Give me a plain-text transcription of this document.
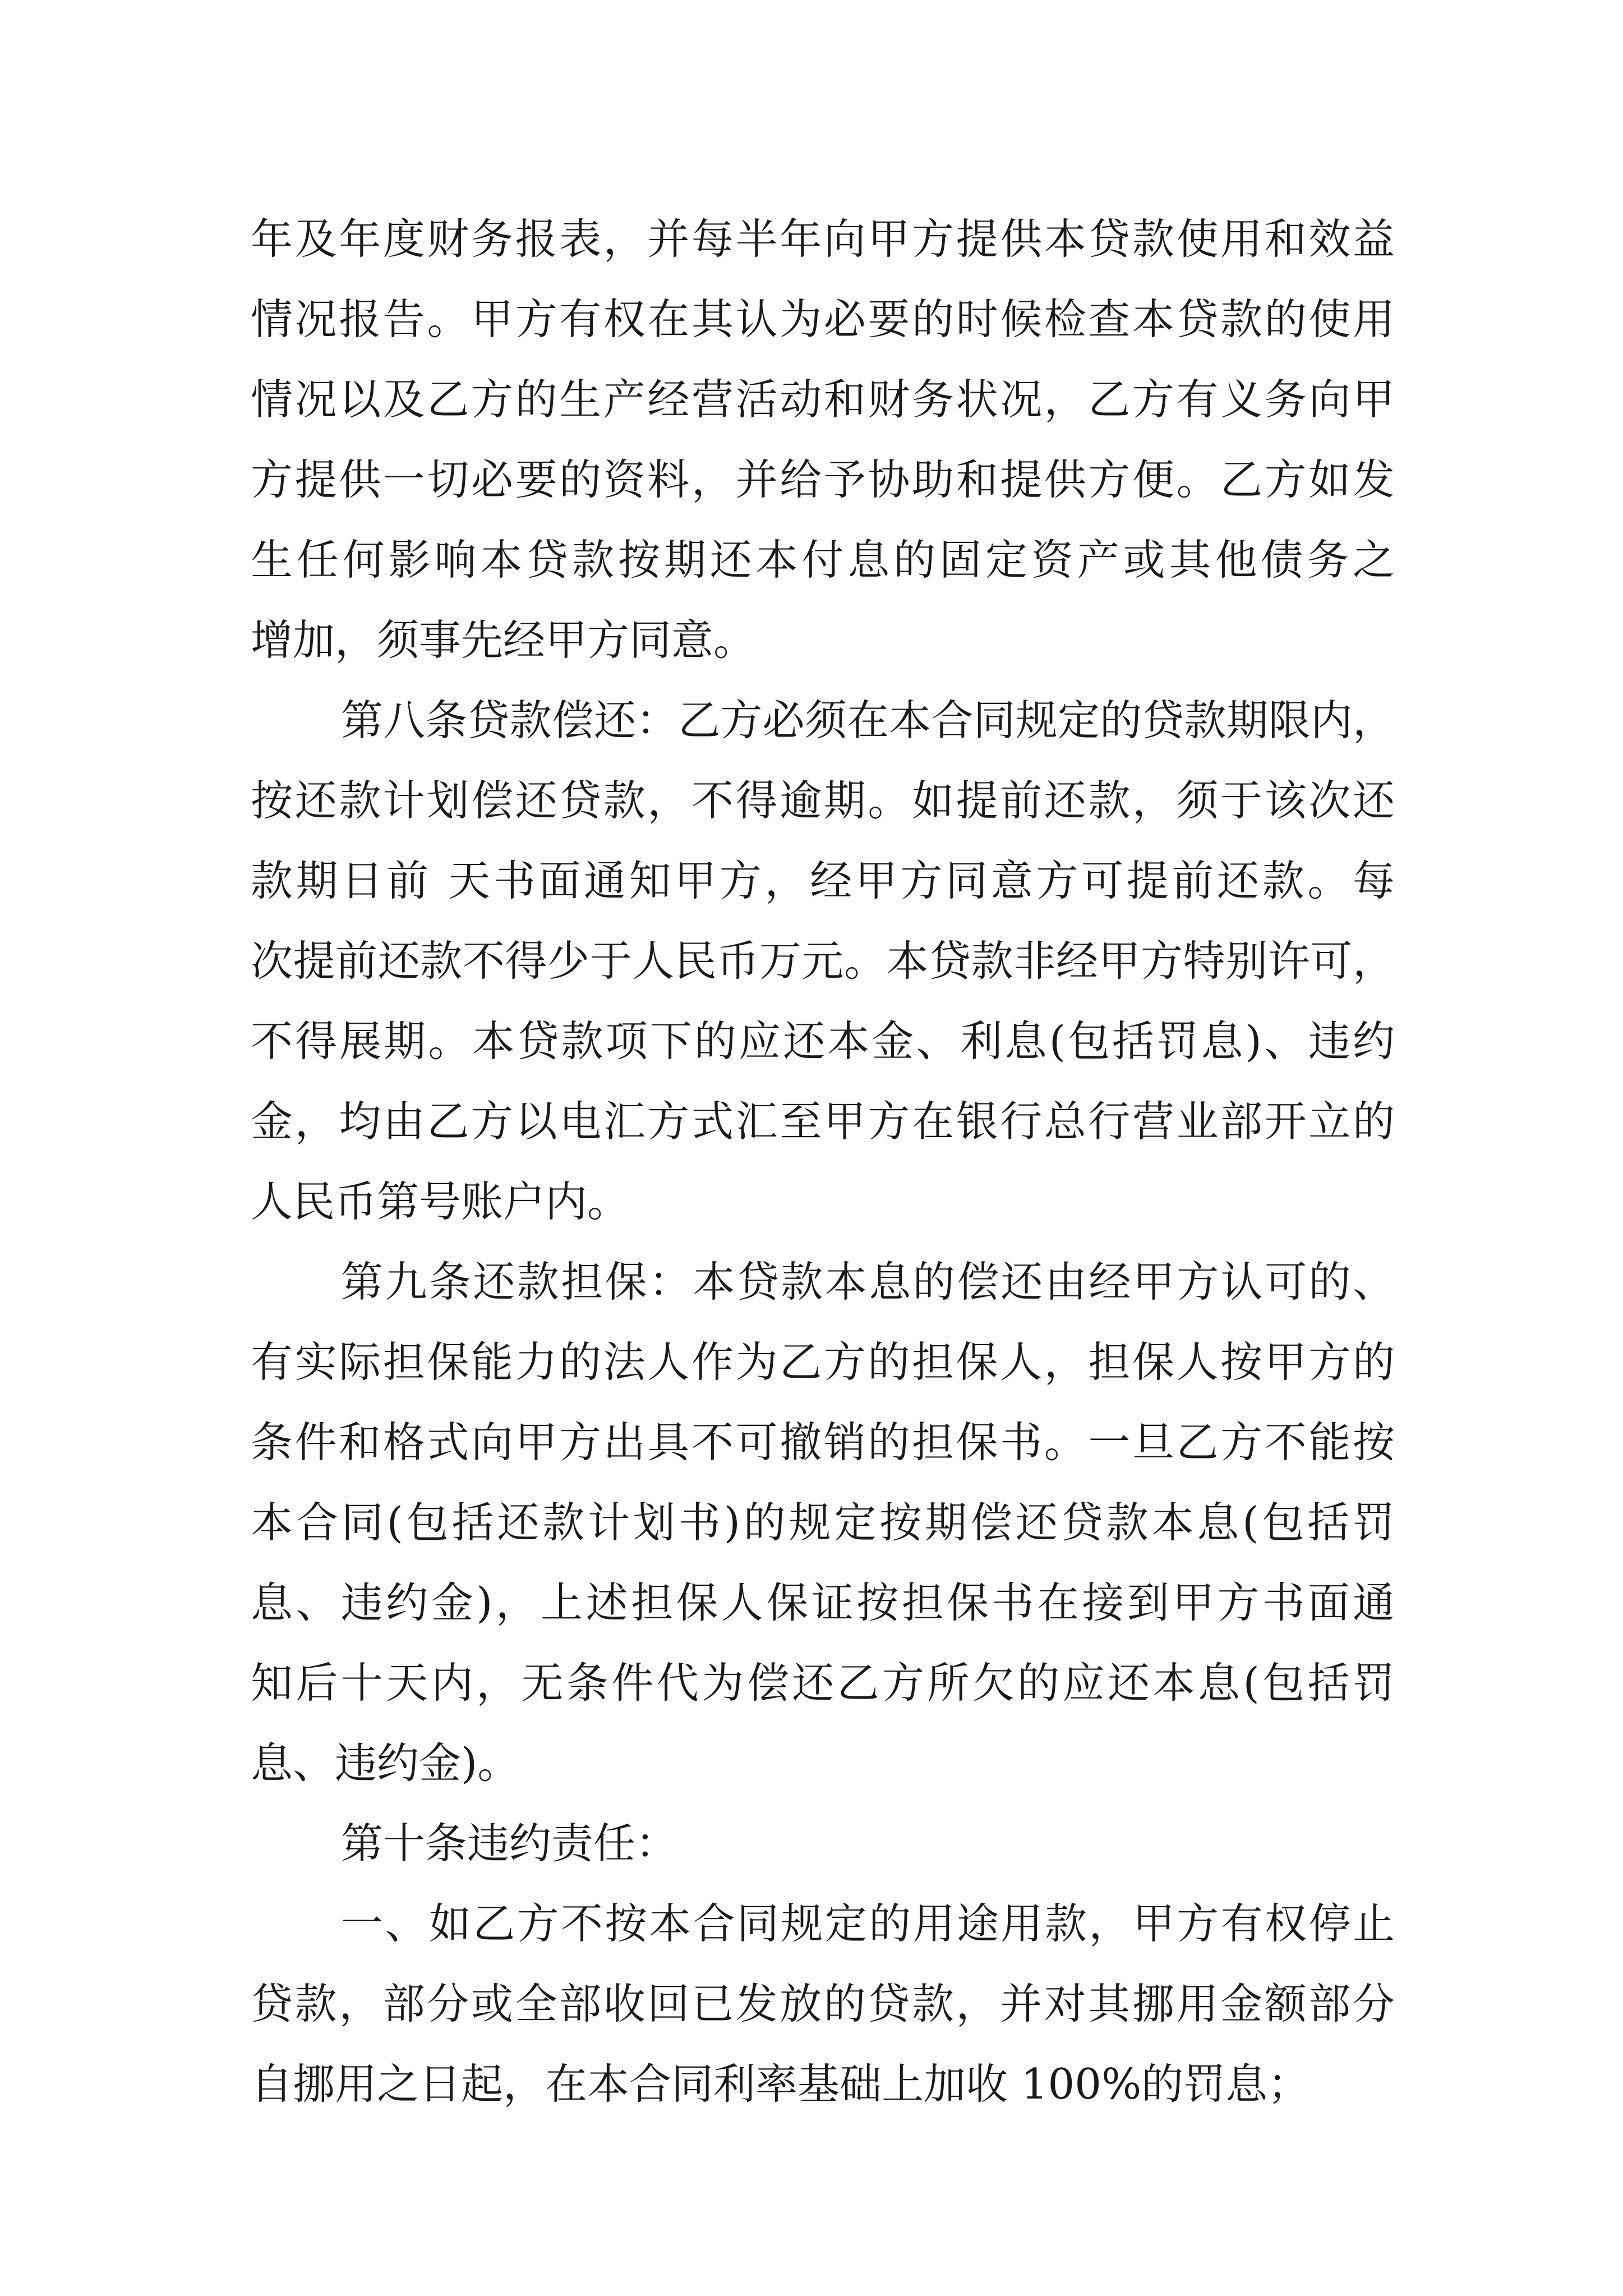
年及年度财务报表，并每半年向甲方提供本贷款使用和效益

情况报告。甲方有权在其认为必要的时候检查本贷款的使用

情况以及乙方的生产经营活动和财务状况，乙方有义务向甲

方提供一切必要的资料，并给予协助和提供方便。乙方如发

生任何影响本贷款按期还本付息的固定资产或其他债务之

增加，须事先经甲方同意。

第八条贷款偿还：乙方必须在本合同规定的贷款期限内，

按还款计划偿还贷款，不得逾期。如提前还款，须于该次还

款期日前 天书面通知甲方，经甲方同意方可提前还款。每

次提前还款不得少于人民币万元。本贷款非经甲方特别许可，

不得展期。本贷款项下的应还本金、利息(包括罚息)、违约

金，均由乙方以电汇方式汇至甲方在银行总行营业部开立的

人民币第号账户内。

第九条还款担保：本贷款本息的偿还由经甲方认可的、

有实际担保能力的法人作为乙方的担保人，担保人按甲方的

条件和格式向甲方出具不可撤销的担保书。一旦乙方不能按

本合同(包括还款计划书)的规定按期偿还贷款本息(包括罚

息、违约金)，上述担保人保证按担保书在接到甲方书面通

知后十天内，无条件代为偿还乙方所欠的应还本息(包括罚

息、违约金)。

第十条违约责任：

一、如乙方不按本合同规定的用途用款，甲方有权停止

贷款，部分或全部收回已发放的贷款，并对其挪用金额部分

自挪用之日起，在本合同利率基础上加收 100%的罚息；
